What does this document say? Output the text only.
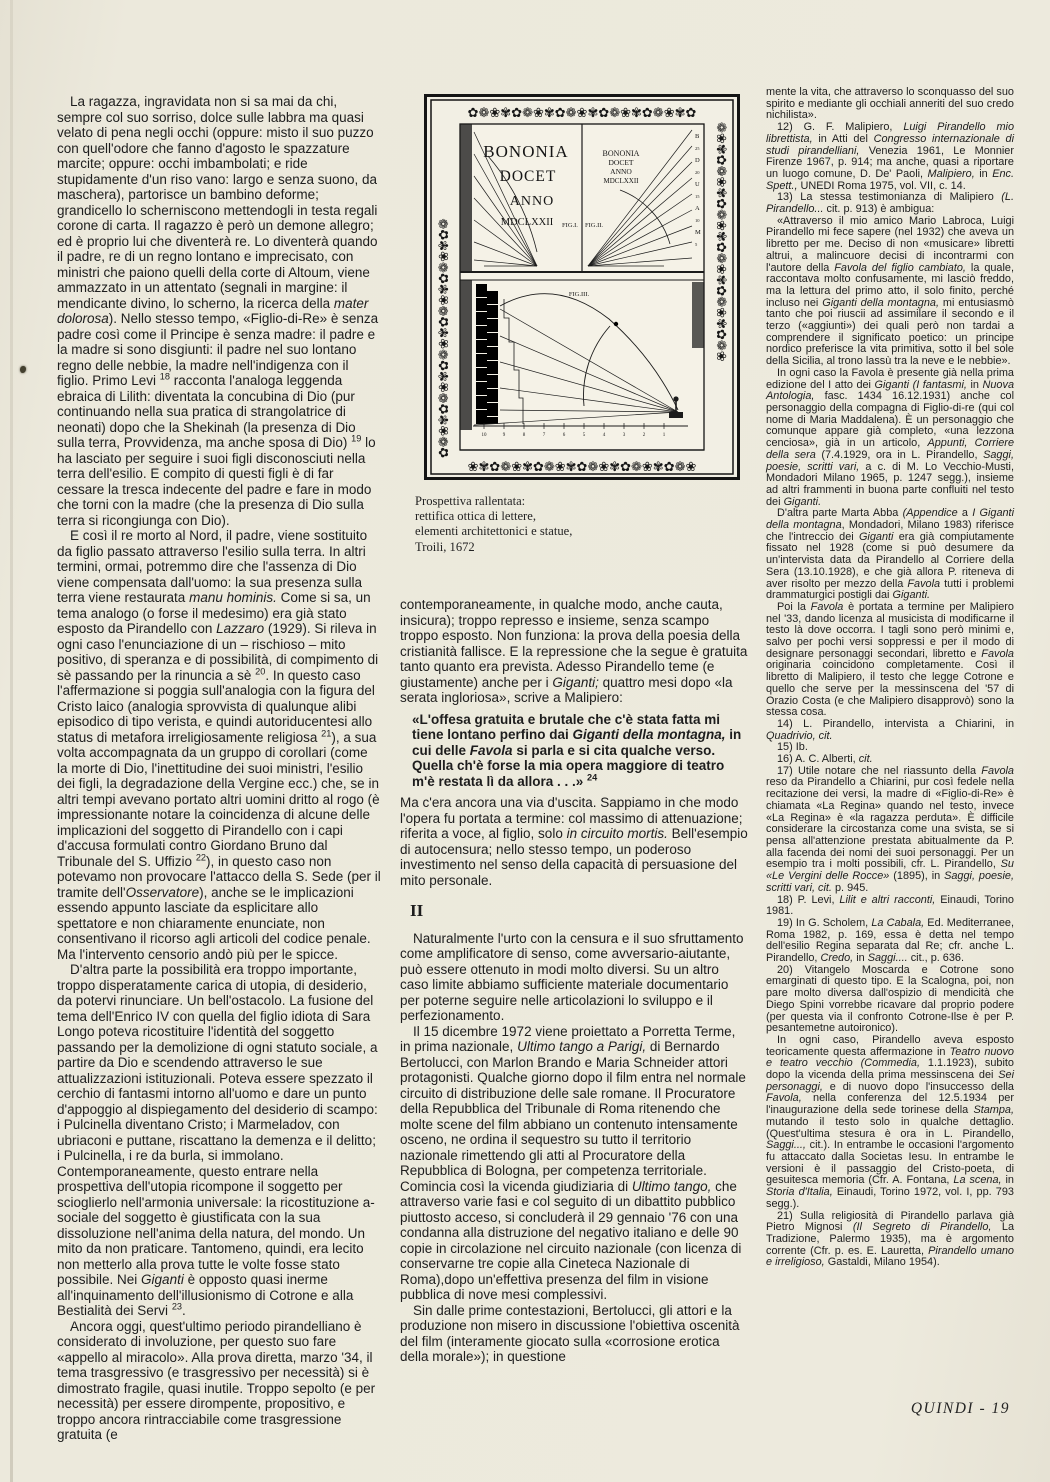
La ragazza, ingravidata non si sa mai da chi, sempre col suo sorriso, dolce sulle labbra ma quasi velato di pena negli occhi (oppure: misto il suo puzzo con quell'odore che fanno d'agosto le spazzature marcite; oppure: occhi imbambolati; e ride stupidamente d'un riso vano: largo e senza suono, da maschera), partorisce un bambino deforme; grandicello lo scherniscono mettendogli in testa regali corone di carta. Il ragazzo è però un demone allegro; ed è proprio lui che diventerà re. Lo diventerà quando il padre, re di un regno lontano e imprecisato, con ministri che paiono quelli della corte di Altoum, viene ammazzato in un attentato (segnali in margine: il mendicante divino, lo scherno, la ricerca della mater dolorosa). Nello stesso tempo, «Figlio-di-Re» è senza padre così come il Principe è senza madre: il padre e la madre si sono disgiunti: il padre nel suo lontano regno delle nebbie, la madre nell'indigenza con il figlio. Primo Levi $^{18}$ racconta l'analoga leggenda ebraica di Lilith: diventata la concubina di Dio (pur continuando nella sua pratica di strangolatrice di neonati) dopo che la Shekinah (la presenza di Dio sulla terra, Provvidenza, ma anche sposa di Dio) $^{19}$ lo ha lasciato per seguire i suoi figli disconosciuti nella terra dell'esilio. E compito di questi figli è di far cessare la tresca indecente del padre e fare in modo che torni con la madre (che la presenza di Dio sulla terra si ricongiunga con Dio).

E così il re morto al Nord, il padre, viene sostituito da figlio passato attraverso l'esilio sulla terra. In altri termini, ormai, potremmo dire che l'assenza di Dio viene compensata dall'uomo: la sua presenza sulla terra viene restaurata manu hominis. Come si sa, un tema analogo (o forse il medesimo) era già stato esposto da Pirandello con Lazzaro (1929). Si rileva in ogni caso l'enunciazione di un – rischioso – mito positivo, di speranza e di possibilità, di compimento di sè passando per la rinuncia a sè $^{20}$. In questo caso l'affermazione si poggia sull'analogia con la figura del Cristo laico (analogia sprovvista di qualunque alibi episodico di tipo verista, e quindi autoriducentesi allo status di metafora irreligiosamente religiosa $^{21}$), a sua volta accompagnata da un gruppo di corollari (come la morte di Dio, l'inettitudine dei suoi ministri, l'esilio dei figli, la degradazione della Vergine ecc.) che, se in altri tempi avevano portato altri uomini dritto al rogo (è impressionante notare la coincidenza di alcune delle implicazioni del soggetto di Pirandello con i capi d'accusa formulati contro Giordano Bruno dal Tribunale del S. Uffizio $^{22}$), in questo caso non potevamo non provocare l'attacco della S. Sede (per il tramite dell'Osservatore), anche se le implicazioni essendo appunto lasciate da esplicitare allo spettatore e non chiaramente enunciate, non consentivano il ricorso agli articoli del codice penale. Ma l'intervento censorio andò più per le spicce.

D'altra parte la possibilità era troppo importante, troppo disperatamente carica di utopia, di desiderio, da potervi rinunciare. Un bell'ostacolo. La fusione del tema dell'Enrico IV con quella del figlio idiota di Sara Longo poteva ricostituire l'identità del soggetto passando per la demolizione di ogni statuto sociale, a partire da Dio e scendendo attraverso le sue attualizzazioni istituzionali. Poteva essere spezzato il cerchio di fantasmi intorno all'uomo e dare un punto d'appoggio al dispiegamento del desiderio di scampo: i Pulcinella diventano Cristo; i Marmeladov, con ubriaconi e puttane, riscattano la demenza e il delitto; i Pulcinella, i re da burla, si immolano. Contemporaneamente, questo entrare nella prospettiva dell'utopia ricompone il soggetto per scioglierlo nell'armonia universale: la ricostituzione a-sociale del soggetto è giustificata con la sua dissoluzione nell'anima della natura, del mondo. Un mito da non praticare. Tantomeno, quindi, era lecito non metterlo alla prova tutte le volte fosse stato possibile. Nei Giganti è opposto quasi inerme all'inquinamento dell'illusionismo di Cotrone e alla Bestialità dei Servi $^{23}$.

Ancora oggi, quest'ultimo periodo pirandelliano è considerato di involuzione, per questo suo fare «appello al miracolo». Alla prova diretta, marzo '34, il tema trasgressivo (e trasgressivo per necessità) si è dimostrato fragile, quasi inutile. Troppo sepolto (e per necessità) per essere dirompente, propositivo, e troppo ancora rintracciabile come trasgressione gratuita (e

✿❁❀✾✿❁❀✾✿❁❀✾✿❁❀✾✿❁❀✾✿
❀✾✿❁❀✾✿❁❀✾✿❁❀✾✿❁❀✾✿❁❀
✿❁❀✾✿❁❀✾✿❁❀✾✿❁❀✾✿❁❀✾✿❁	❁❀✾✿❁❀✾✿❁❀✾✿❁❀✾✿❁❀✾✿❁❀
BONONIA
DOCET
ANNO
MDCLXXII
BONONIA
DOCET
ANNO
MDCLXXII
B
D
U
A
M
25
20
15
10
5
FIG.I. FIG.II.
FIG.III.
10	9	8	7	6	5	4	3	2	1
Prospettiva rallentata:
rettifica ottica di lettere,
elementi architettonici e statue,
Troili, 1672

contemporaneamente, in qualche modo, anche cauta, insicura); troppo represso e insieme, senza scampo troppo esposto. Non funziona: la prova della poesia della cristianità fallisce. E la repressione che la segue è gratuita tanto quanto era prevista. Adesso Pirandello teme (e giustamente) anche per i Giganti; quattro mesi dopo «la serata ingloriosa», scrive a Malipiero:

«L'offesa gratuita e brutale che c'è stata fatta mi tiene lontano perfino dai Giganti della montagna, in cui delle Favola si parla e si cita qualche verso. Quella ch'è forse la mia opera maggiore di teatro m'è restata lì da allora . . .» $^{24}$

Ma c'era ancora una via d'uscita. Sappiamo in che modo l'opera fu portata a termine: col massimo di attenuazione; riferita a voce, al figlio, solo in circuito mortis. Bell'esempio di autocensura; nello stesso tempo, un poderoso investimento nel senso della capacità di persuasione del mito personale.

II

Naturalmente l'urto con la censura e il suo sfruttamento come amplificatore di senso, come avversario-aiutante, può essere ottenuto in modi molto diversi. Su un altro caso limite abbiamo sufficiente materiale documentario per poterne seguire nelle articolazioni lo sviluppo e il perfezionamento.

Il 15 dicembre 1972 viene proiettato a Porretta Terme, in prima nazionale, Ultimo tango a Parigi, di Bernardo Bertolucci, con Marlon Brando e Maria Schneider attori protagonisti. Qualche giorno dopo il film entra nel normale circuito di distribuzione delle sale romane. Il Procuratore della Repubblica del Tribunale di Roma ritenendo che molte scene del film abbiano un contenuto intensamente osceno, ne ordina il sequestro su tutto il territorio nazionale rimettendo gli atti al Procuratore della Repubblica di Bologna, per competenza territoriale. Comincia così la vicenda giudiziaria di Ultimo tango, che attraverso varie fasi e col seguito di un dibattito pubblico piuttosto acceso, si concluderà il 29 gennaio '76 con una condanna alla distruzione del negativo italiano e delle 90 copie in circolazione nel circuito nazionale (con licenza di conservarne tre copie alla Cineteca Nazionale di Roma),dopo un'effettiva presenza del film in visione pubblica di nove mesi complessivi.

Sin dalle prime contestazioni, Bertolucci, gli attori e la produzione non misero in discussione l'obiettiva oscenità del film (interamente giocato sulla «corrosione erotica della morale»); in questione

mente la vita, che attraverso lo sconquasso del suo spirito e mediante gli occhiali anneriti del suo credo nichilista».

12) G. F. Malipiero, Luigi Pirandello mio librettista, in Atti del Congresso internazionale di studi pirandelliani, Venezia 1961, Le Monnier Firenze 1967, p. 914; ma anche, quasi a riportare un luogo comune, D. De' Paoli, Malipiero, in Enc. Spett., UNEDI Roma 1975, vol. VII, c. 14.

13) La stessa testimonianza di Malipiero (L. Pirandello... cit. p. 913) è ambigua:

«Attraverso il mio amico Mario Labroca, Luigi Pirandello mi fece sapere (nel 1932) che aveva un libretto per me. Deciso di non «musicare» libretti altrui, a malincuore decisi di incontrarmi con l'autore della Favola del figlio cambiato, la quale, raccontava molto confusamente, mi lasciò freddo, ma la lettura del primo atto, il solo finito, perché incluso nei Giganti della montagna, mi entusiasmò tanto che poi riuscii ad assimilare il secondo e il terzo («aggiunti») dei quali però non tardai a comprendere il significato poetico: un principe nordico preferisce la vita primitiva, sotto il bel sole della Sicilia, al trono lassù tra la neve e le nebbie».

In ogni caso la Favola è presente già nella prima edizione del I atto dei Giganti (I fantasmi, in Nuova Antologia, fasc. 1434 16.12.1931) anche col personaggio della compagna di Figlio-di-re (qui col nome di Maria Maddalena). È un personaggio che comunque appare già completo, «una lezzona cenciosa», già in un articolo, Appunti, Corriere della sera (7.4.1929, ora in L. Pirandello, Saggi, poesie, scritti vari, a c. di M. Lo Vecchio-Musti, Mondadori Milano 1965, p. 1247 segg.), insieme ad altri frammenti in buona parte confluiti nel testo dei Giganti.

D'altra parte Marta Abba (Appendice a I Giganti della montagna, Mondadori, Milano 1983) riferisce che l'intreccio dei Giganti era già compiutamente fissato nel 1928 (come si può desumere da un'intervista data da Pirandello al Corriere della Sera (13.10.1928), e che già allora P. riteneva di aver risolto per mezzo della Favola tutti i problemi drammaturgici postigli dai Giganti.

Poi la Favola è portata a termine per Malipiero nel '33, dando licenza al musicista di modificarne il testo là dove occorra. I tagli sono però minimi e, salvo per pochi versi soppressi e per il modo di designare personaggi secondari, libretto e Favola originaria coincidono completamente. Così il libretto di Malipiero, il testo che legge Cotrone e quello che serve per la messinscena del '57 di Orazio Costa (e che Malipiero disapprovò) sono la stessa cosa.

14) L. Pirandello, intervista a Chiarini, in Quadrivio, cit.

15) Ib.

16) A. C. Alberti, cit.

17) Utile notare che nel riassunto della Favola reso da Pirandello a Chiarini, pur così fedele nella recitazione dei versi, la madre di «Figlio-di-Re» è chiamata «La Regina» quando nel testo, invece «La Regina» è «la ragazza perduta». È difficile considerare la circostanza come una svista, se si pensa all'attenzione prestata abitualmente da P. alla facenda dei nomi dei suoi personaggi. Per un esempio tra i molti possibili, cfr. L. Pirandello, Su «Le Vergini delle Rocce» (1895), in Saggi, poesie, scritti vari, cit. p. 945.

18) P. Levi, Lilit e altri racconti, Einaudi, Torino 1981.

19) In G. Scholem, La Cabala, Ed. Mediterranee, Roma 1982, p. 169, essa è detta nel tempo dell'esilio Regina separata dal Re; cfr. anche L. Pirandello, Credo, in Saggi.... cit., p. 636.

20) Vitangelo Moscarda e Cotrone sono emarginati di questo tipo. E la Scalogna, poi, non pare molto diversa dall'ospizio di mendicità che Diego Spini vorrebbe ricavare dal proprio podere (per questa via il confronto Cotrone-Ilse è per P. pesantemetne autoironico).

In ogni caso, Pirandello aveva esposto teoricamente questa affermazione in Teatro nuovo e teatro vecchio (Commedia, 1.1.1923), subito dopo la vicenda della prima messinscena dei Sei personaggi, e di nuovo dopo l'insuccesso della Favola, nella conferenza del 12.5.1934 per l'inaugurazione della sede torinese della Stampa, mutando il testo solo in qualche dettaglio. (Quest'ultima stesura è ora in L. Pirandello, Saggi..., cit.). In entrambe le occasioni l'argomento fu attaccato dalla Societas Iesu. In entrambe le versioni è il passaggio del Cristo-poeta, di gesuitesca memoria (Cfr. A. Fontana, La scena, in Storia d'Italia, Einaudi, Torino 1972, vol. I, pp. 793 segg.).

21) Sulla religiosità di Pirandello parlava già Pietro Mignosi (Il Segreto di Pirandello, La Tradizione, Palermo 1935), ma è argomento corrente (Cfr. p. es. E. Lauretta, Pirandello umano e irreligioso, Gastaldi, Milano 1954).

QUINDI - 19
